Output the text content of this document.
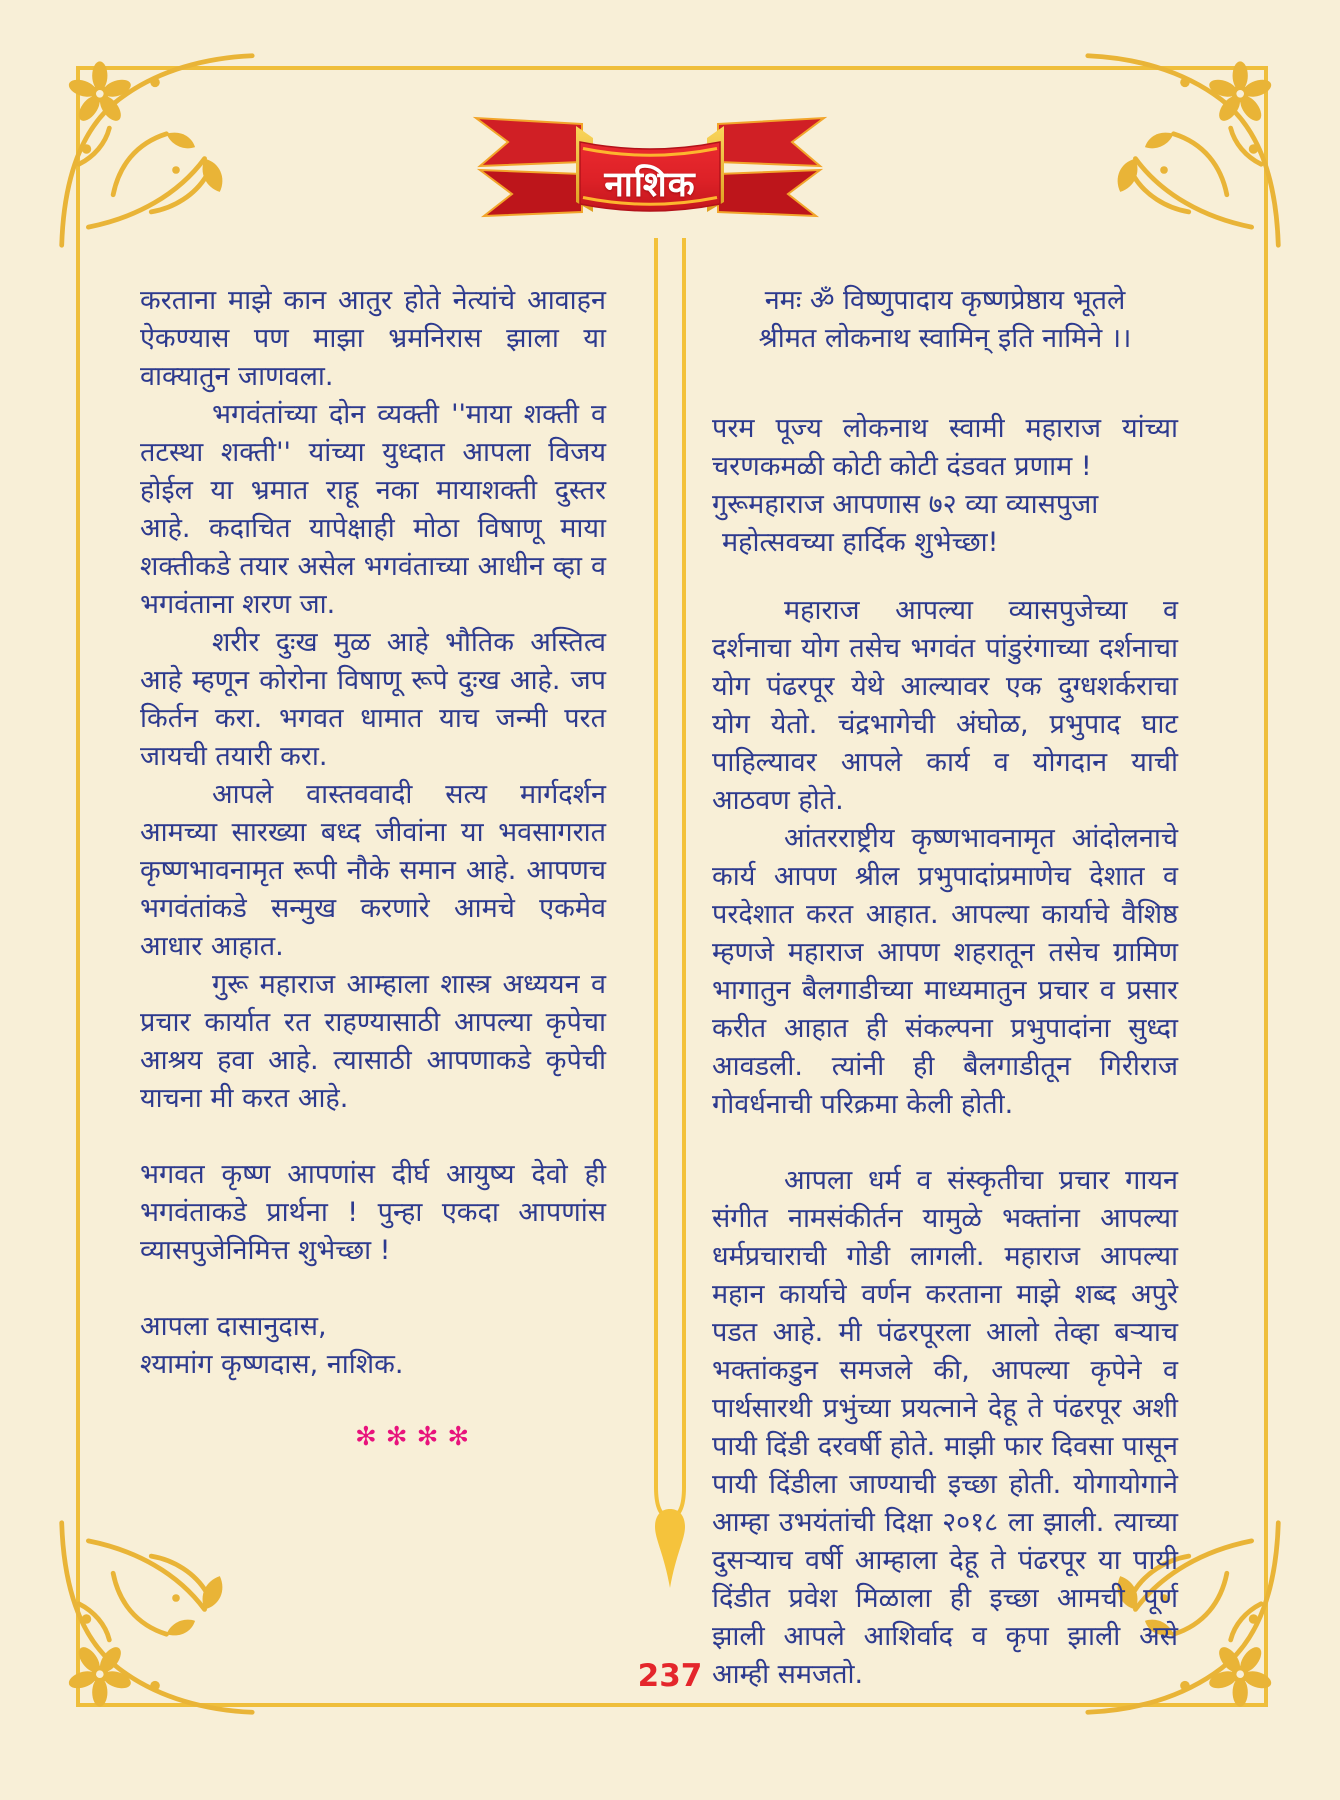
नाशिक

करताना माझे कान आतुर होते नेत्यांचे आवाहन ऐकण्यास पण माझा भ्रमनिरास झाला या वाक्यातुन जाणवला.

भगवंतांच्या दोन व्यक्ती ''माया शक्ती व तटस्था शक्ती'' यांच्या युध्दात आपला विजय होईल या भ्रमात राहू नका मायाशक्ती दुस्तर आहे. कदाचित यापेक्षाही मोठा विषाणू माया शक्तीकडे तयार असेल भगवंताच्या आधीन व्हा व भगवंताना शरण जा.

शरीर दुःख मुळ आहे भौतिक अस्तित्व आहे म्हणून कोरोना विषाणू रूपे दुःख आहे. जप किर्तन करा. भगवत धामात याच जन्मी परत जायची तयारी करा.

आपले वास्तववादी सत्य मार्गदर्शन आमच्या सारख्या बध्द जीवांना या भवसागरात कृष्णभावनामृत रूपी नौके समान आहे. आपणच भगवंतांकडे सन्मुख करणारे आमचे एकमेव आधार आहात.

गुरू महाराज आम्हाला शास्त्र अध्ययन व प्रचार कार्यात रत राहण्यासाठी आपल्या कृपेचा आश्रय हवा आहे. त्यासाठी आपणाकडे कृपेची याचना मी करत आहे.

भगवत कृष्ण आपणांस दीर्घ आयुष्य देवो ही भगवंताकडे प्रार्थना ! पुन्हा एकदा आपणांस व्यासपुजेनिमित्त शुभेच्छा !

आपला दासानुदास,

श्यामांग कृष्णदास, नाशिक.

✻✻✻✻

नमः ॐ विष्णुपादाय कृष्णप्रेष्ठाय भूतले

श्रीमत लोकनाथ स्वामिन् इति नामिने ।।

परम पूज्य लोकनाथ स्वामी महाराज यांच्या चरणकमळी कोटी कोटी दंडवत प्रणाम !

गुरूमहाराज आपणास ७२ व्या व्यासपुजा

महोत्सवच्या हार्दिक शुभेच्छा!

महाराज आपल्या व्यासपुजेच्या व दर्शनाचा योग तसेच भगवंत पांडुरंगाच्या दर्शनाचा योग पंढरपूर येथे आल्यावर एक दुग्धशर्कराचा योग येतो. चंद्रभागेची अंघोळ, प्रभुपाद घाट पाहिल्यावर आपले कार्य व योगदान याची आठवण होते.

आंतरराष्ट्रीय कृष्णभावनामृत आंदोलनाचे कार्य आपण श्रील प्रभुपादांप्रमाणेच देशात व परदेशात करत आहात. आपल्या कार्याचे वैशिष्ठ म्हणजे महाराज आपण शहरातून तसेच ग्रामिण भागातुन बैलगाडीच्या माध्यमातुन प्रचार व प्रसार करीत आहात ही संकल्पना प्रभुपादांना सुध्दा आवडली. त्यांनी ही बैलगाडीतून गिरीराज गोवर्धनाची परिक्रमा केली होती.

आपला धर्म व संस्कृतीचा प्रचार गायन संगीत नामसंकीर्तन यामुळे भक्तांना आपल्या धर्मप्रचाराची गोडी लागली. महाराज आपल्या महान कार्याचे वर्णन करताना माझे शब्द अपुरे पडत आहे. मी पंढरपूरला आलो तेव्हा बऱ्याच भक्तांकडुन समजले की, आपल्या कृपेने व पार्थसारथी प्रभुंच्या प्रयत्नाने देहू ते पंढरपूर अशी पायी दिंडी दरवर्षी होते. माझी फार दिवसा पासून पायी दिंडीला जाण्याची इच्छा होती. योगायोगाने आम्हा उभयंतांची दिक्षा २०१८ ला झाली. त्याच्या दुसऱ्याच वर्षी आम्हाला देहू ते पंढरपूर या पायी दिंडीत प्रवेश मिळाला ही इच्छा आमची पूर्ण झाली आपले आशिर्वाद व कृपा झाली असे आम्ही समजतो.

237
